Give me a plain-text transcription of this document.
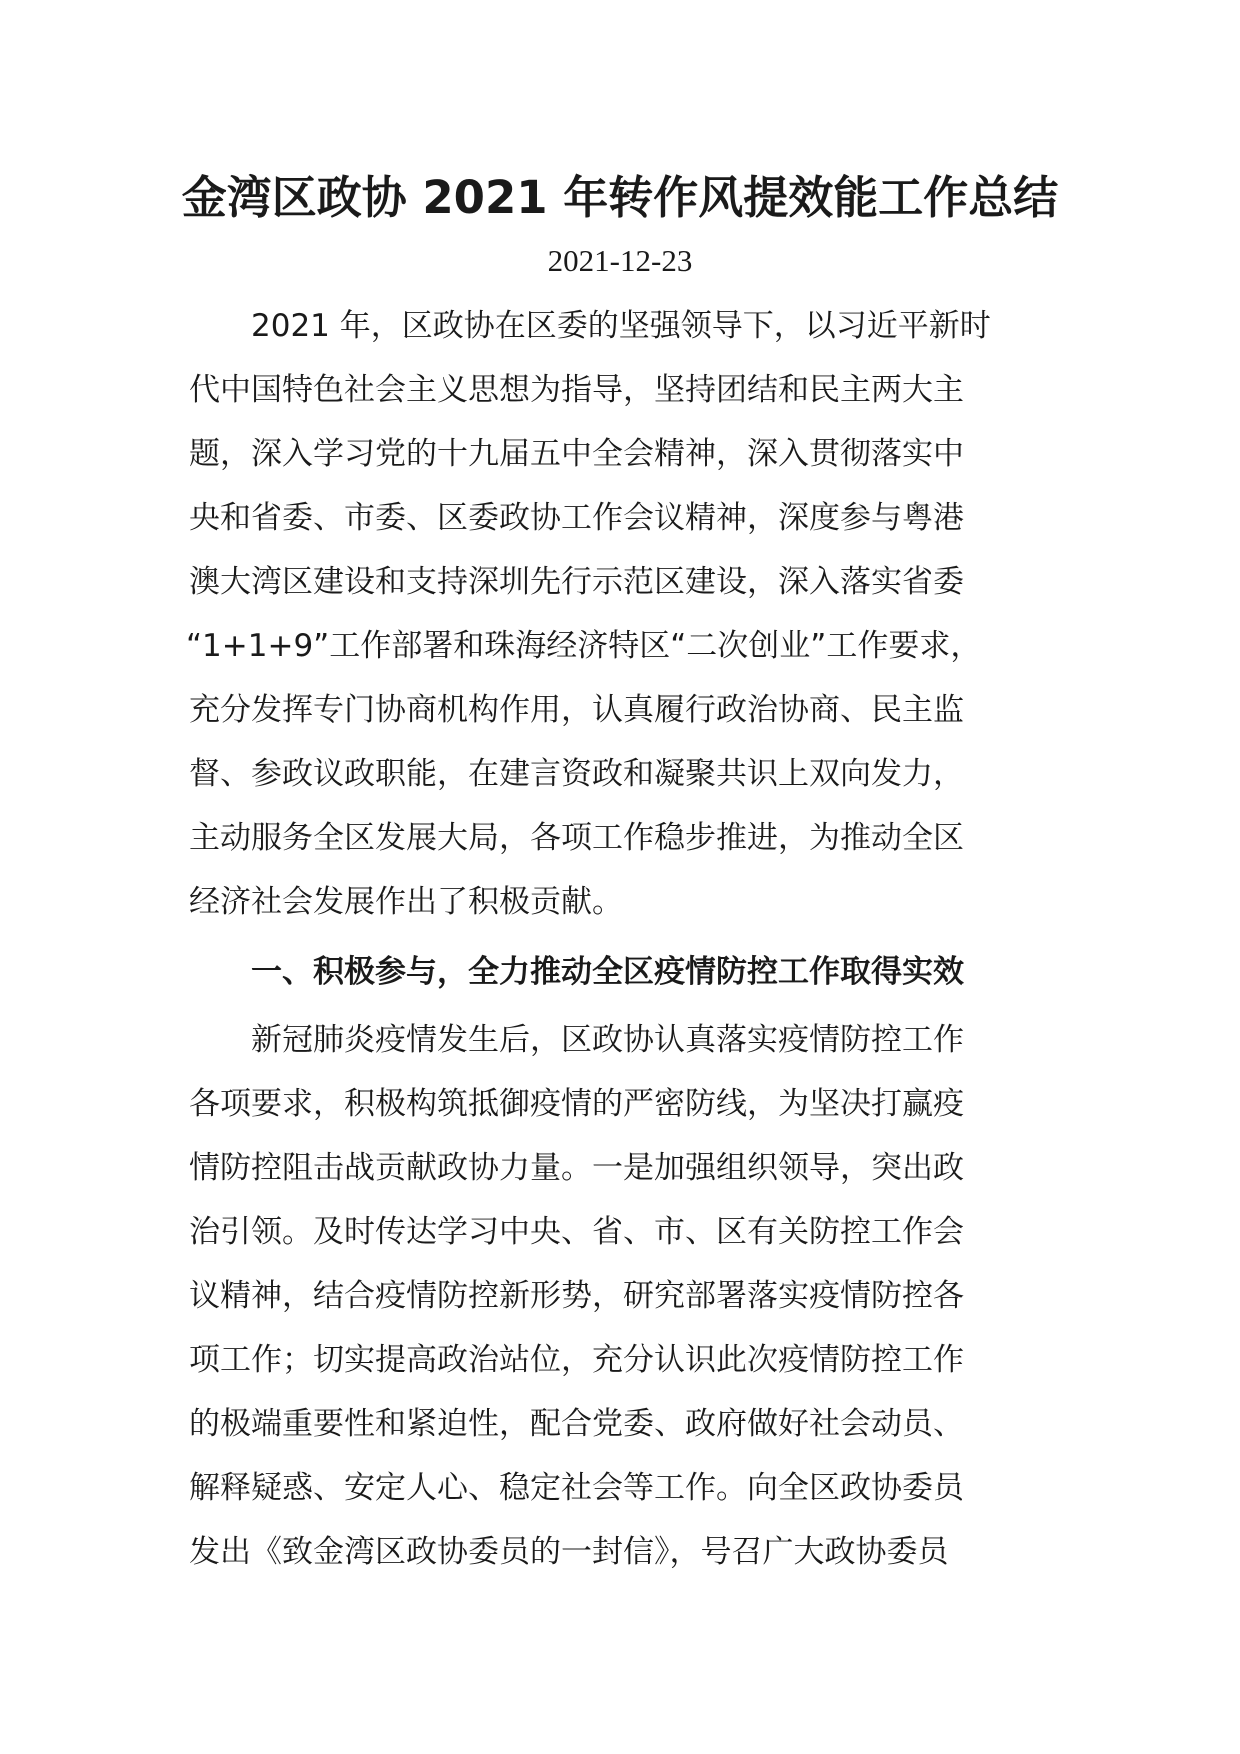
金湾区政协 2021 年转作风提效能工作总结
2021-12-23
2021 年，区政协在区委的坚强领导下，以习近平新时
代中国特色社会主义思想为指导，坚持团结和民主两大主
题，深入学习党的十九届五中全会精神，深入贯彻落实中
央和省委、市委、区委政协工作会议精神，深度参与粤港
澳大湾区建设和支持深圳先行示范区建设，深入落实省委
“1+1+9”工作部署和珠海经济特区“二次创业”工作要求，
充分发挥专门协商机构作用，认真履行政治协商、民主监
督、参政议政职能，在建言资政和凝聚共识上双向发力，
主动服务全区发展大局，各项工作稳步推进，为推动全区
经济社会发展作出了积极贡献。
一、积极参与，全力推动全区疫情防控工作取得实效
新冠肺炎疫情发生后，区政协认真落实疫情防控工作
各项要求，积极构筑抵御疫情的严密防线，为坚决打赢疫
情防控阻击战贡献政协力量。一是加强组织领导，突出政
治引领。及时传达学习中央、省、市、区有关防控工作会
议精神，结合疫情防控新形势，研究部署落实疫情防控各
项工作；切实提高政治站位，充分认识此次疫情防控工作
的极端重要性和紧迫性，配合党委、政府做好社会动员、
解释疑惑、安定人心、稳定社会等工作。向全区政协委员
发出《致金湾区政协委员的一封信》，号召广大政协委员
